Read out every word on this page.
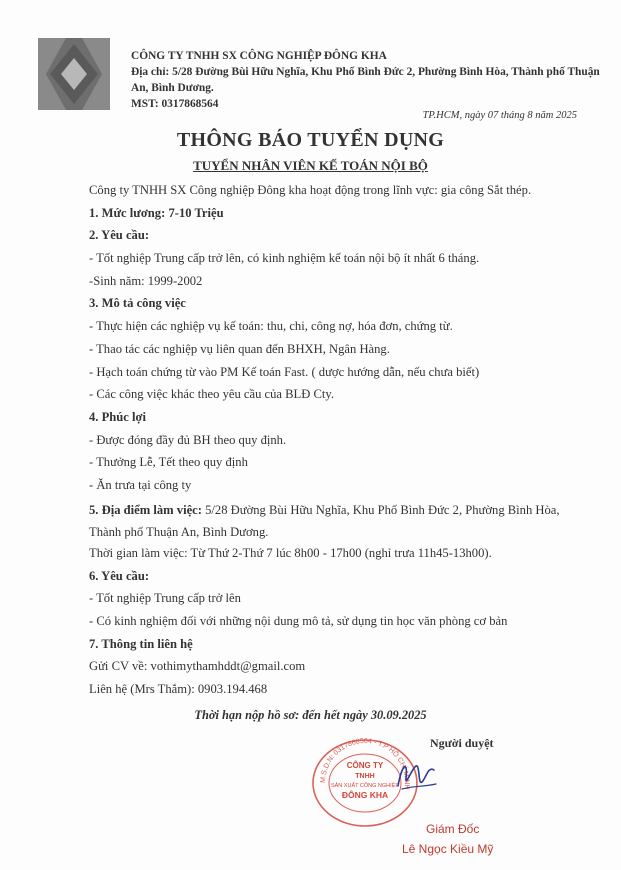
CÔNG TY TNHH SX CÔNG NGHIỆP ĐÔNG KHA
Địa chỉ: 5/28 Đường Bùi Hữu Nghĩa, Khu Phố Bình Đức 2, Phường Bình Hòa, Thành phố Thuận An, Bình Dương.
MST: 0317868564
TP.HCM, ngày 07 tháng 8 năm 2025
THÔNG BÁO TUYỂN DỤNG
TUYỂN NHÂN VIÊN KẾ TOÁN NỘI BỘ
Công ty TNHH SX Công nghiệp Đông kha hoạt động trong lĩnh vực: gia công Sắt thép.
1. Mức lương: 7-10 Triệu
2. Yêu cầu:
- Tốt nghiệp Trung cấp trở lên, có kinh nghiệm kế toán nội bộ ít nhất 6 tháng.
-Sinh năm: 1999-2002
3. Mô tả công việc
- Thực hiện các nghiệp vụ kế toán: thu, chi, công nợ, hóa đơn, chứng từ.
- Thao tác các nghiệp vụ liên quan đến BHXH, Ngân Hàng.
- Hạch toán chứng từ vào PM Kế toán Fast. ( dược hướng dẫn, nếu chưa biết)
- Các công việc khác theo yêu cầu của BLĐ Cty.
4. Phúc lợi
- Được đóng đầy đủ BH theo quy định.
- Thưởng Lễ, Tết theo quy định
- Ăn trưa tại công ty
5. Địa điểm làm việc: 5/28 Đường Bùi Hữu Nghĩa, Khu Phố Bình Đức 2, Phường Bình Hòa, Thành phố Thuận An, Bình Dương.
Thời gian làm việc: Từ Thứ 2-Thứ 7 lúc 8h00 - 17h00 (nghỉ trưa 11h45-13h00).
6. Yêu cầu:
- Tốt nghiệp Trung cấp trở lên
- Có kinh nghiệm đối với những nội dung mô tả, sử dụng tin học văn phòng cơ bản
7. Thông tin liên hệ
Gửi CV về: vothimythamhddt@gmail.com
Liên hệ (Mrs Thắm): 0903.194.468
Thời hạn nộp hồ sơ: đến hết ngày 30.09.2025
M.S.D.N: 0317868564 - T.P HỒ CHÍ MINH
CÔNG TY
TNHH
SẢN XUẤT CÔNG NGHIỆP
ĐÔNG KHA
Người duyệt
Giám Đốc
Lê Ngọc Kiều Mỹ
